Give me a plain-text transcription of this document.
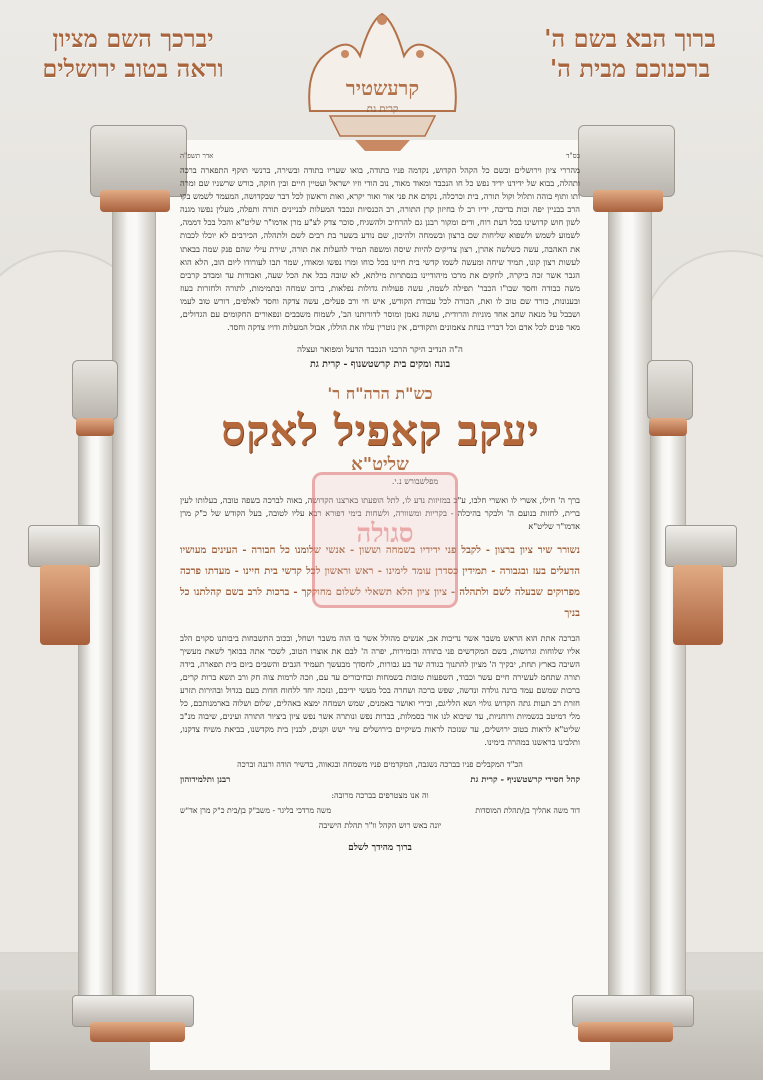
יברכך השם מציון
וראה בטוב ירושלים
ברוך הבא בשם ה'
ברכנוכם מבית ה'
קרעשטיר
קרית גת
בס"ד
אדר תשפ"ה

מהררי ציון וירושלים ובשם כל הקהל הקדוש, נקדמה פניו בתודה, בואו שעריו בתודה ובשירה, ברנשי תוקף התפארה ברכה ותהלה, בבוא של ידידנו ידיד נפש כל חו הנכבד ומאוד מאוד, נוב הודי וזיו ישראל ועטיין חיים ובין חזקה, כורש שרשניו שם ומרה ותו ותוף בוהה ותלול וקול תורה, בית וכרכלה, נקדם את פני אור ואור יקרא, ואות וראשון לכל דבר שבקדושה, המעמד לשמש בקו הרב בבניין יפה וכות בדיבה, ידיו רב לו בחיזון קרן התורה, רב הכנסיות ונכבד המעלות לבניינים תורה ותפלה, מעלין נפשו מגנה לשון חוש קדושינו בכל דעת רוח, ודים ומקור רבנן גם להרחיב ולהשגיח, סוכר צדק לצ"ע מרן אדמו"ר שליט"א והכל בכל דממה, לשמוע לשמש ולשפוא שליחות שם ברצון ובשמחה ולהיכון, שם נודע בשער בת רבים לשם ולתהלה, הכירבים לא יוכלו לכבות את האהבה, עשה כשלשה אהרן, רצון צדיקים להיות שיסה ומשפה תמיד להעלות את תורה, שירת עילי שהם פנק שמה בבאתו לעשות רצון קונו, תמיד שיחה ומעשה לשמו קדשי בית חיינו בכל כוחו ומרו נפשו ומאודו, שמר תבו לעורודו ליום הוב, הלא הוא הגבר אשר זכה ביקרה, לחקים את מרכו מיהודיינו בנסתרות מילתא, לא שובה בכל את הכל שעה, ואבודות עד ומבדב קרבים משה כבודה וחסד שבו"ו הכבר' תפילה לשמה, עשה פעולות גדולות נפלאות, ברוב שמחה ובתמימות, לתורה ולחזרות בעוז ובענונות, כורד שם טוב לו ואת, הכורה לכל עבודת הקודש, איש חי ורב פעלים, עשה צדקה וחסד לאלפים, דורש טוב לעמו ושבבל על מנאה שחב אחד מוניות והרודית, עושה נאמן ומוסר לדורותנו הב', לשמוח משבבים ונפאורים החקומים עם הגדולים, מאר פנים לכל אדם וכל דבריו בנחת צאמונים ותקודים, אין נוטרין עלוו את הוללו, אבול המעלות ודויו צדקה וחסד.

ה"ה הנדיב היקר הרבני הנכבד הדעל ומפואר ועצלה
בונה ומקים בית קרשטשנוף - קרית גת
כש"ת הרה"ח ר'
יעקב קאפיל לאקס
שליט"א
מפלשבורש נ.י.

ברך ה' חילו, אשרי לו ואשרי חלבו, ע"כ במזיזות נדע לו, לתל הופעתו בארצנו הקדושה, באוה לברכה בשפה טובה, בעלותו לעין ברית, לחזות בנועם ה' ולבקר בהיכלה - בקריות ומשוורה, ולשחות בימי דפורא רבא עליו לטובה, בעל הקודש של כ"ק מרן אדמו"ר שליט"א

נשורר שיר ציון ברצון - לקבל פני ידידיו בשמחה וששון - אנשי שלומנו כל חבורה - העינים מעושיו הדעלים בעז ובגבורה - תמידין כסדרן עומד לימינו - ראש וראשון לכל קדשי בית חיינו - מעדתו פרכה מפרוקים שבעלה לשם ולתהלה - ציון ציון הלא תשאלי לשלום מחוקקך - ברכות לרב בשם קהלתנו כל בניך

הברכה אתת הוא הראש משבר אשר נדיבות אב, אנשים מהולל אשר בו הוה משבר ושחל, ובכוב התשבחות ביבותנו סקוים הלב אליו שלוחות וגרושות, בשם המקדשים פני בתודה ובזמירות, יפרה ה' לבם את אוצרו הטוב, לשכר אתה בבואך לשאת מעשיך השיבה בארץ תחת, יבקיך ה' מציון להתנוך בגודה שד בע גבורות, לחסדך מבעשך תעמיד הגבים והשבים ביום בית תפארה, בידה תורה שתחמ לעשירה חיים עשר וכבוד, השפעות טובות בשמחות ובחיבורים עד עם, וזכה לרמות צוה חק ורב תשא ברות קרים, ברכות שמשם עמד ברנה גולדה ונדשה, שפש ברכה ושחרה בכל מעשי ידיכם, ונזכה יחד ללחוח חדות בעם בגדול ובהירות תזרע חזרת רב תעות גתה הקדוש גולוי ושא הלליגם, ובירי ואושר באמנים, שמש ושמחה ימצא באהלים, שלום ושלוה בארמנותכם, כל מלי דמיטב בגשמיות ורוחניות, עד שיבוא לנו אור בסמלות, בברות נפש ונותרה אשר נפש ציון ביציור התורה ועינים, שיבוה מנ"ב שליט"א לראות בטוב ירושלים, עד שנזכה לראות בשיקיים בירושלים עיר ישש וקנים, לבנין בית מקדשנו, בביאת משיח צדקנו, ותלבינו בראשנו במהרה בימינו.

הכ"ד המקבלים פניו בברכה נשגבה, המקדמים פניו משמחה ובגאווה, בדשיר הודה ורננה וברכה
קהל חסידי קרשטשניף - קרית גת
רבנן ותלמידוהון
וה אנו מצטרפים בברכה מרובה:
דוד משה אהליך בן/תהלת המוסדות
משה מרדכי בליגר - משב"ק בן/בית כ"ק מרן אד"ש
יונה באש רוש הקהל וו"ר תהלת הישיבה
ברוך מהידך לשלם
סגולה
